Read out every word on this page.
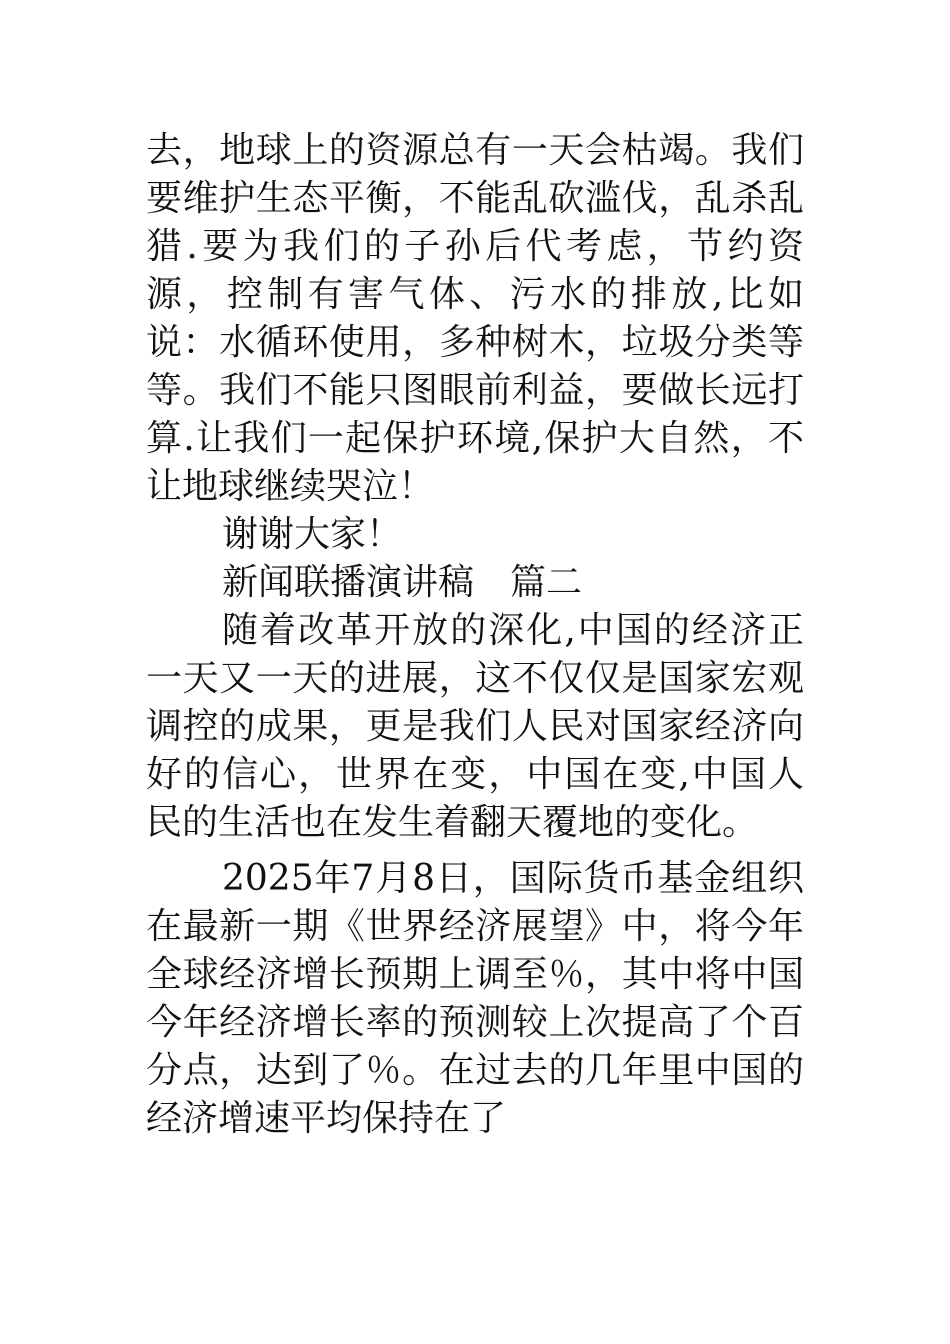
去，地球上的资源总有一天会枯竭。我们要维护生态平衡，不能乱砍滥伐，乱杀乱猎.要为我们的子孙后代考虑，节约资源，控制有害气体、污水的排放,比如说：水循环使用，多种树木，垃圾分类等等。我们不能只图眼前利益，要做长远打算.让我们一起保护环境,保护大自然，不让地球继续哭泣！

谢谢大家！

新闻联播演讲稿　篇二

随着改革开放的深化,中国的经济正一天又一天的进展，这不仅仅是国家宏观调控的成果，更是我们人民对国家经济向好的信心，世界在变，中国在变,中国人民的生活也在发生着翻天覆地的变化。

2025年7月8日，国际货币基金组织在最新一期《世界经济展望》中，将今年全球经济增长预期上调至％，其中将中国今年经济增长率的预测较上次提高了个百分点，达到了％。在过去的几年里中国的经济增速平均保持在了
